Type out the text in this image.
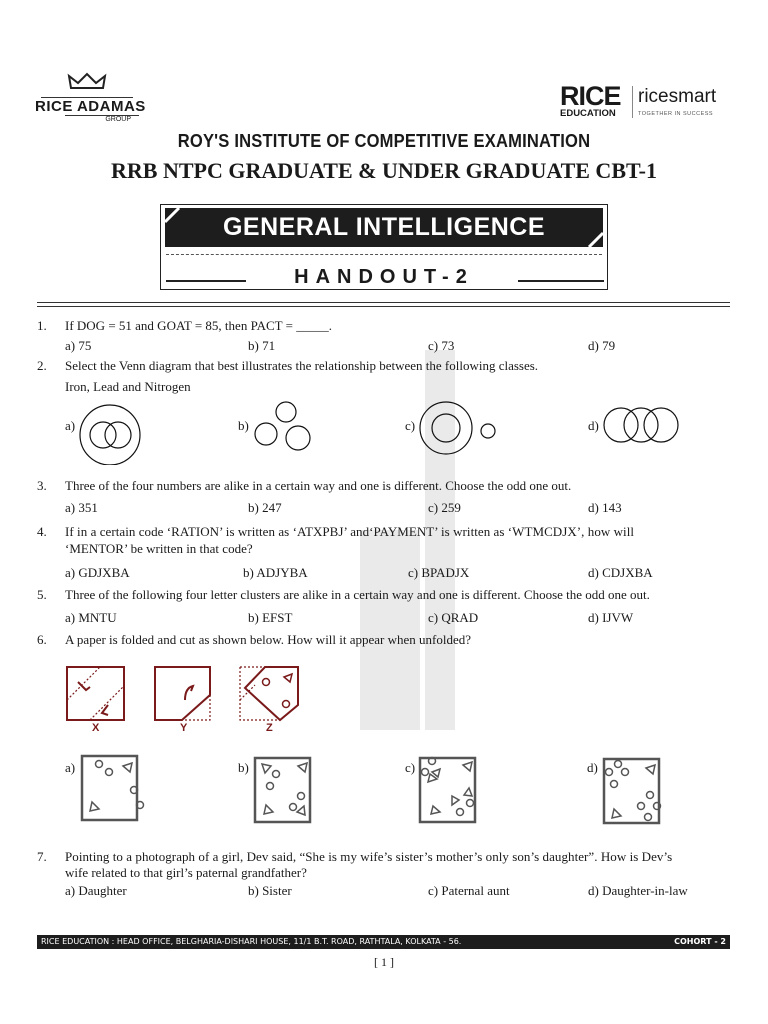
RICE ADAMAS
GROUP
RICE
EDUCATION
ricesmart
TOGETHER IN SUCCESS
ROY'S INSTITUTE OF COMPETITIVE EXAMINATION
RRB NTPC GRADUATE & UNDER GRADUATE CBT-1
GENERAL INTELLIGENCE
HANDOUT-2
1. If DOG = 51 and GOAT = 85, then PACT = _____.
a) 75	b) 71	c) 73	d) 79
2. Select the Venn diagram that best illustrates the relationship between the following classes.
Iron, Lead and Nitrogen
a)	b)	c)	d)
3. Three of the four numbers are alike in a certain way and one is different. Choose the odd one out.
a) 351	b) 247	c) 259	d) 143
4. If in a certain code ‘RATION’ is written as ‘ATXPBJ’ and‘PAYMENT’ is written as ‘WTMCDJX’, how will
‘MENTOR’ be written in that code?
a) GDJXBA	b) ADJYBA	c) BPADJX	d) CDJXBA
5. Three of the following four letter clusters are alike in a certain way and one is different. Choose the odd one out.
a) MNTU	b) EFST	c) QRAD	d) IJVW
6. A paper is folded and cut as shown below. How will it appear when unfolded?
X	Y	Z
a)	b)	c)	d)
7. Pointing to a photograph of a girl, Dev said, “She is my wife’s sister’s mother’s only son’s daughter”. How is Dev’s
wife related to that girl’s paternal grandfather?
a) Daughter	b) Sister	c) Paternal aunt	d) Daughter-in-law
RICE EDUCATION : HEAD OFFICE, BELGHARIA-DISHARI HOUSE, 11/1 B.T. ROAD, RATHTALA, KOLKATA - 56.	COHORT - 2
[ 1 ]
